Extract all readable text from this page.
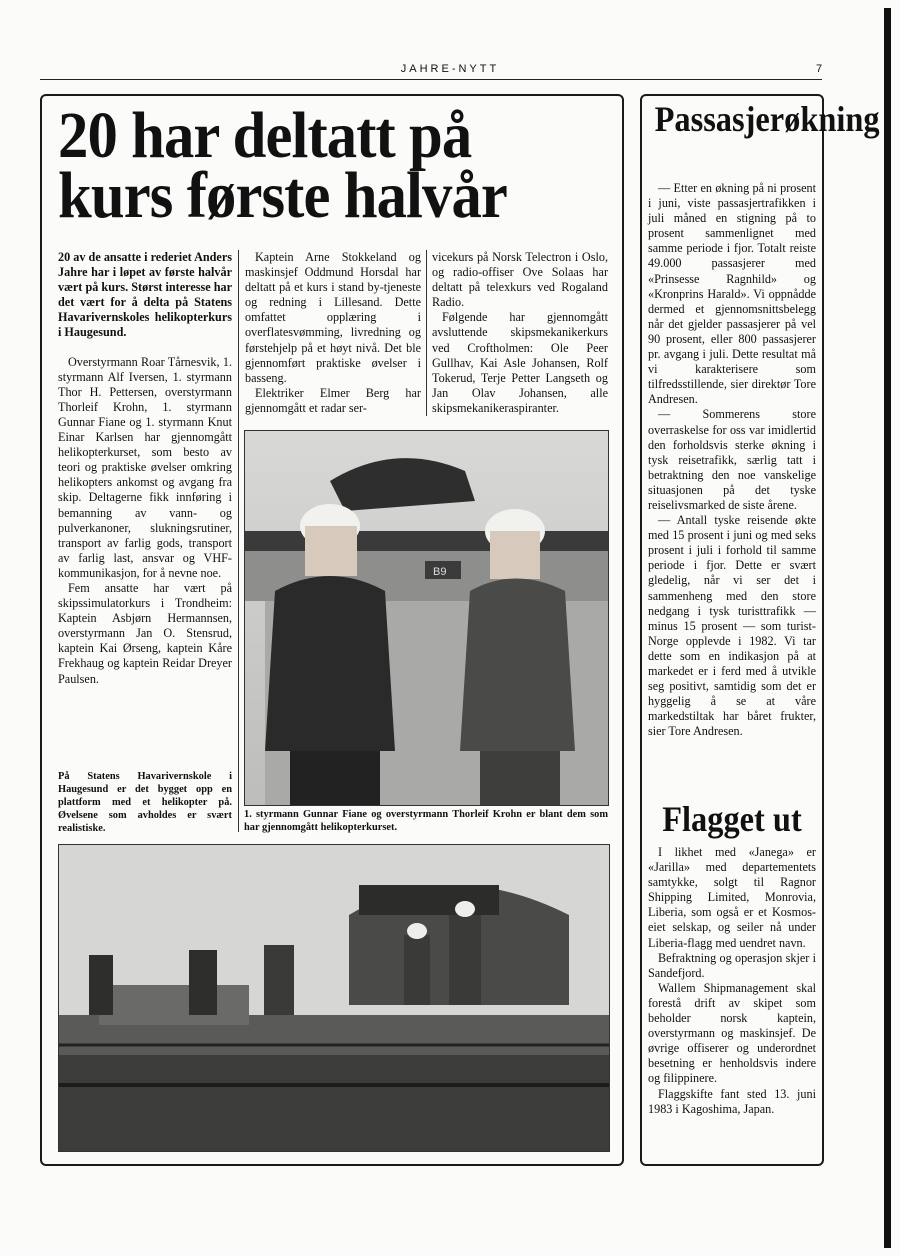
JAHRE-NYTT	7
20 har deltatt på
kurs første halvår

20 av de ansatte i rederiet Anders Jahre har i løpet av første halvår vært på kurs. Størst interesse har det vært for å delta på Statens Havarivernskoles helikopterkurs i Haugesund.

Overstyrmann Roar Tårnesvik, 1. styrmann Alf Iversen, 1. styrmann Thor H. Pettersen, overstyrmann Thorleif Krohn, 1. styrmann Gunnar Fiane og 1. styrmann Knut Einar Karlsen har gjennomgått helikopterkurset, som besto av teori og praktiske øvelser omkring helikopters ankomst og avgang fra skip. Deltagerne fikk innføring i bemanning av vann- og pulverkanoner, slukningsrutiner, transport av farlig gods, transport av farlig last, ansvar og VHF-kommunikasjon, for å nevne noe.

Fem ansatte har vært på skipssimulatorkurs i Trondheim: Kaptein Asbjørn Hermannsen, overstyrmann Jan O. Stensrud, kaptein Kai Ørseng, kaptein Kåre Frekhaug og kaptein Reidar Dreyer Paulsen.

På Statens Havarivernskole i Haugesund er det bygget opp en plattform med et helikopter på. Øvelsene som avholdes er svært realistiske.

Kaptein Arne Stokkeland og maskinsjef Oddmund Horsdal har deltatt på et kurs i stand by-tjeneste og redning i Lillesand. Dette omfattet opplæring i overflatesvømming, livredning og førstehjelp på et høyt nivå. Det ble gjennomført praktiske øvelser i basseng.

Elektriker Elmer Berg har gjennomgått et radar ser-

vicekurs på Norsk Telectron i Oslo, og radio-offiser Ove Solaas har deltatt på telexkurs ved Rogaland Radio.

Følgende har gjennomgått avsluttende skipsmekanikerkurs ved Croftholmen: Ole Peer Gullhav, Kai Asle Johansen, Rolf Tokerud, Terje Petter Langseth og Jan Olav Johansen, alle skipsmekanikeraspiranter.

B9
1. styrmann Gunnar Fiane og overstyrmann Thorleif Krohn er blant dem som har gjennomgått helikopterkurset.
Passasjerøkning

— Etter en økning på ni prosent i juni, viste passasjertrafikken i juli måned en stigning på to prosent sammenlignet med samme periode i fjor. Totalt reiste 49.000 passasjerer med «Prinsesse Ragnhild» og «Kronprins Harald». Vi oppnådde dermed et gjennomsnittsbelegg når det gjelder passasjerer på vel 90 prosent, eller 800 passasjerer pr. avgang i juli. Dette resultat må vi karakterisere som tilfredsstillende, sier direktør Tore Andresen.

— Sommerens store overraskelse for oss var imidlertid den forholdsvis sterke økning i tysk reisetrafikk, særlig tatt i betraktning den noe vanskelige situasjonen på det tyske reiselivsmarked de siste årene.

— Antall tyske reisende økte med 15 prosent i juni og med seks prosent i juli i forhold til samme periode i fjor. Dette er svært gledelig, når vi ser det i sammenheng med den store nedgang i tysk turisttrafikk — minus 15 prosent — som turist-Norge opplevde i 1982. Vi tar dette som en indikasjon på at markedet er i ferd med å utvikle seg positivt, samtidig som det er hyggelig å se at våre markedstiltak har båret frukter, sier Tore Andresen.

Flagget ut

I likhet med «Janega» er «Jarilla» med departementets samtykke, solgt til Ragnor Shipping Limited, Monrovia, Liberia, som også er et Kosmos-eiet selskap, og seiler nå under Liberia-flagg med uendret navn.

Befraktning og operasjon skjer i Sandefjord.

Wallem Shipmanagement skal forestå drift av skipet som beholder norsk kaptein, overstyrmann og maskinsjef. De øvrige offiserer og underordnet besetning er henholdsvis indere og filippinere.

Flaggskifte fant sted 13. juni 1983 i Kagoshima, Japan.
